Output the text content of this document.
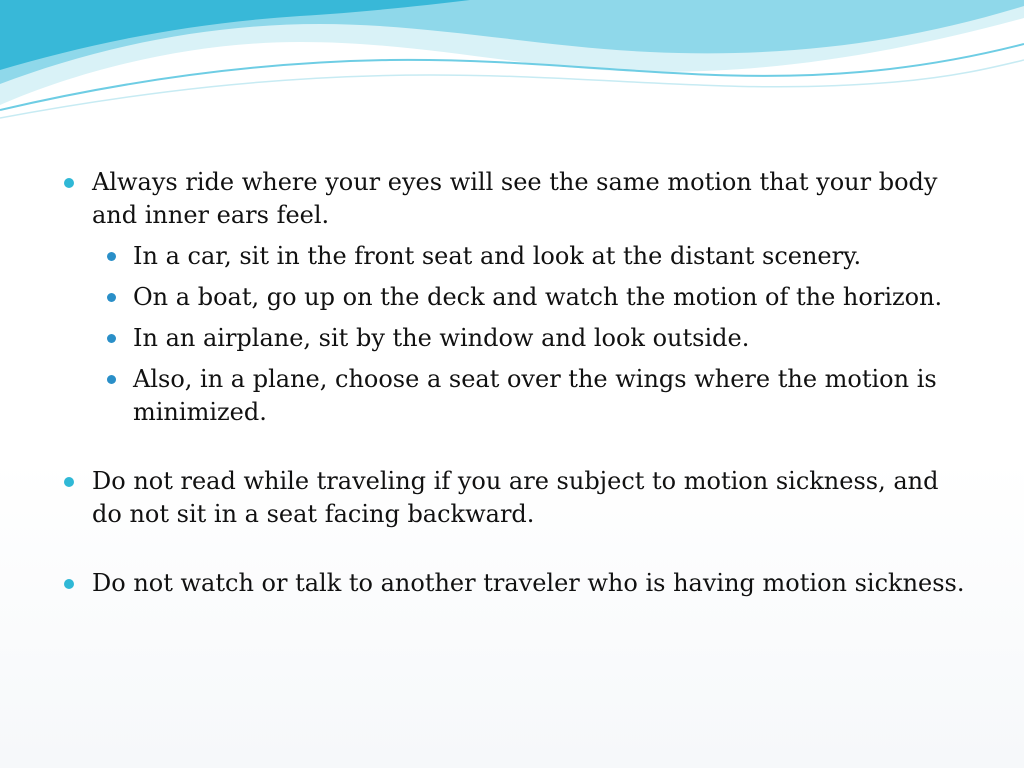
Always ride where your eyes will see the same motion that your body and inner ears feel.
In a car, sit in the front seat and look at the distant scenery.
On a boat, go up on the deck and watch the motion of the horizon.
In an airplane, sit by the window and look outside.
Also, in a plane, choose a seat over the wings where the motion is minimized.
Do not read while traveling if you are subject to motion sickness, and do not sit in a seat facing backward.
Do not watch or talk to another traveler who is having motion sickness.
